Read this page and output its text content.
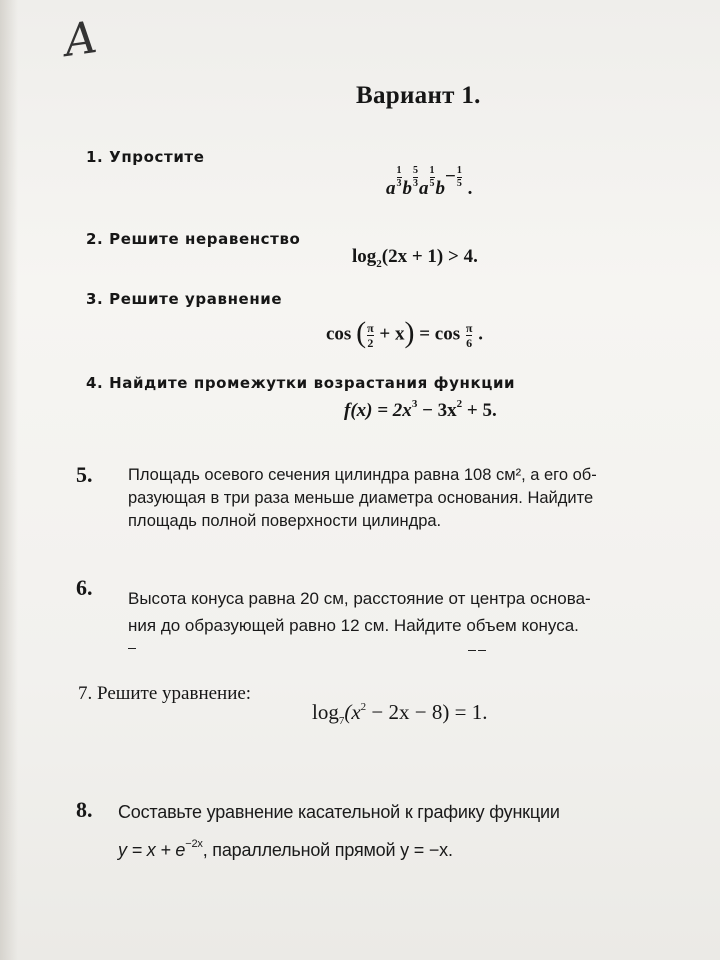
А
Вариант 1.
1. Упростите
a $\frac{1}{3}$ b $\frac{5}{3}$ a $\frac{1}{5} b- \frac{1}{5}$ .
2. Решите неравенство
$\log_2(2x + 1) > 4$.
3. Решите уравнение
cos ( $\frac{\pi}{2} + x) = \cos \frac{\pi}{6}$ .
4. Найдите промежутки возрастания функции
$f(x) = 2x^3 - 3x^2 + 5$.
5. Площадь осевого сечения цилиндра равна 108 см², а его об-
разующая в три раза меньше диаметра основания. Найдите
площадь полной поверхности цилиндра.
6. Высота конуса равна 20 см, расстояние от центра основа-
ния до образующей равно 12 см. Найдите объем конуса.
7. Решите уравнение:
$\log_7(x^2 - 2x - 8) = 1$.
8. Составьте уравнение касательной к графику функции
$y = x + e^{-2x}$, параллельной прямой y = −x.
